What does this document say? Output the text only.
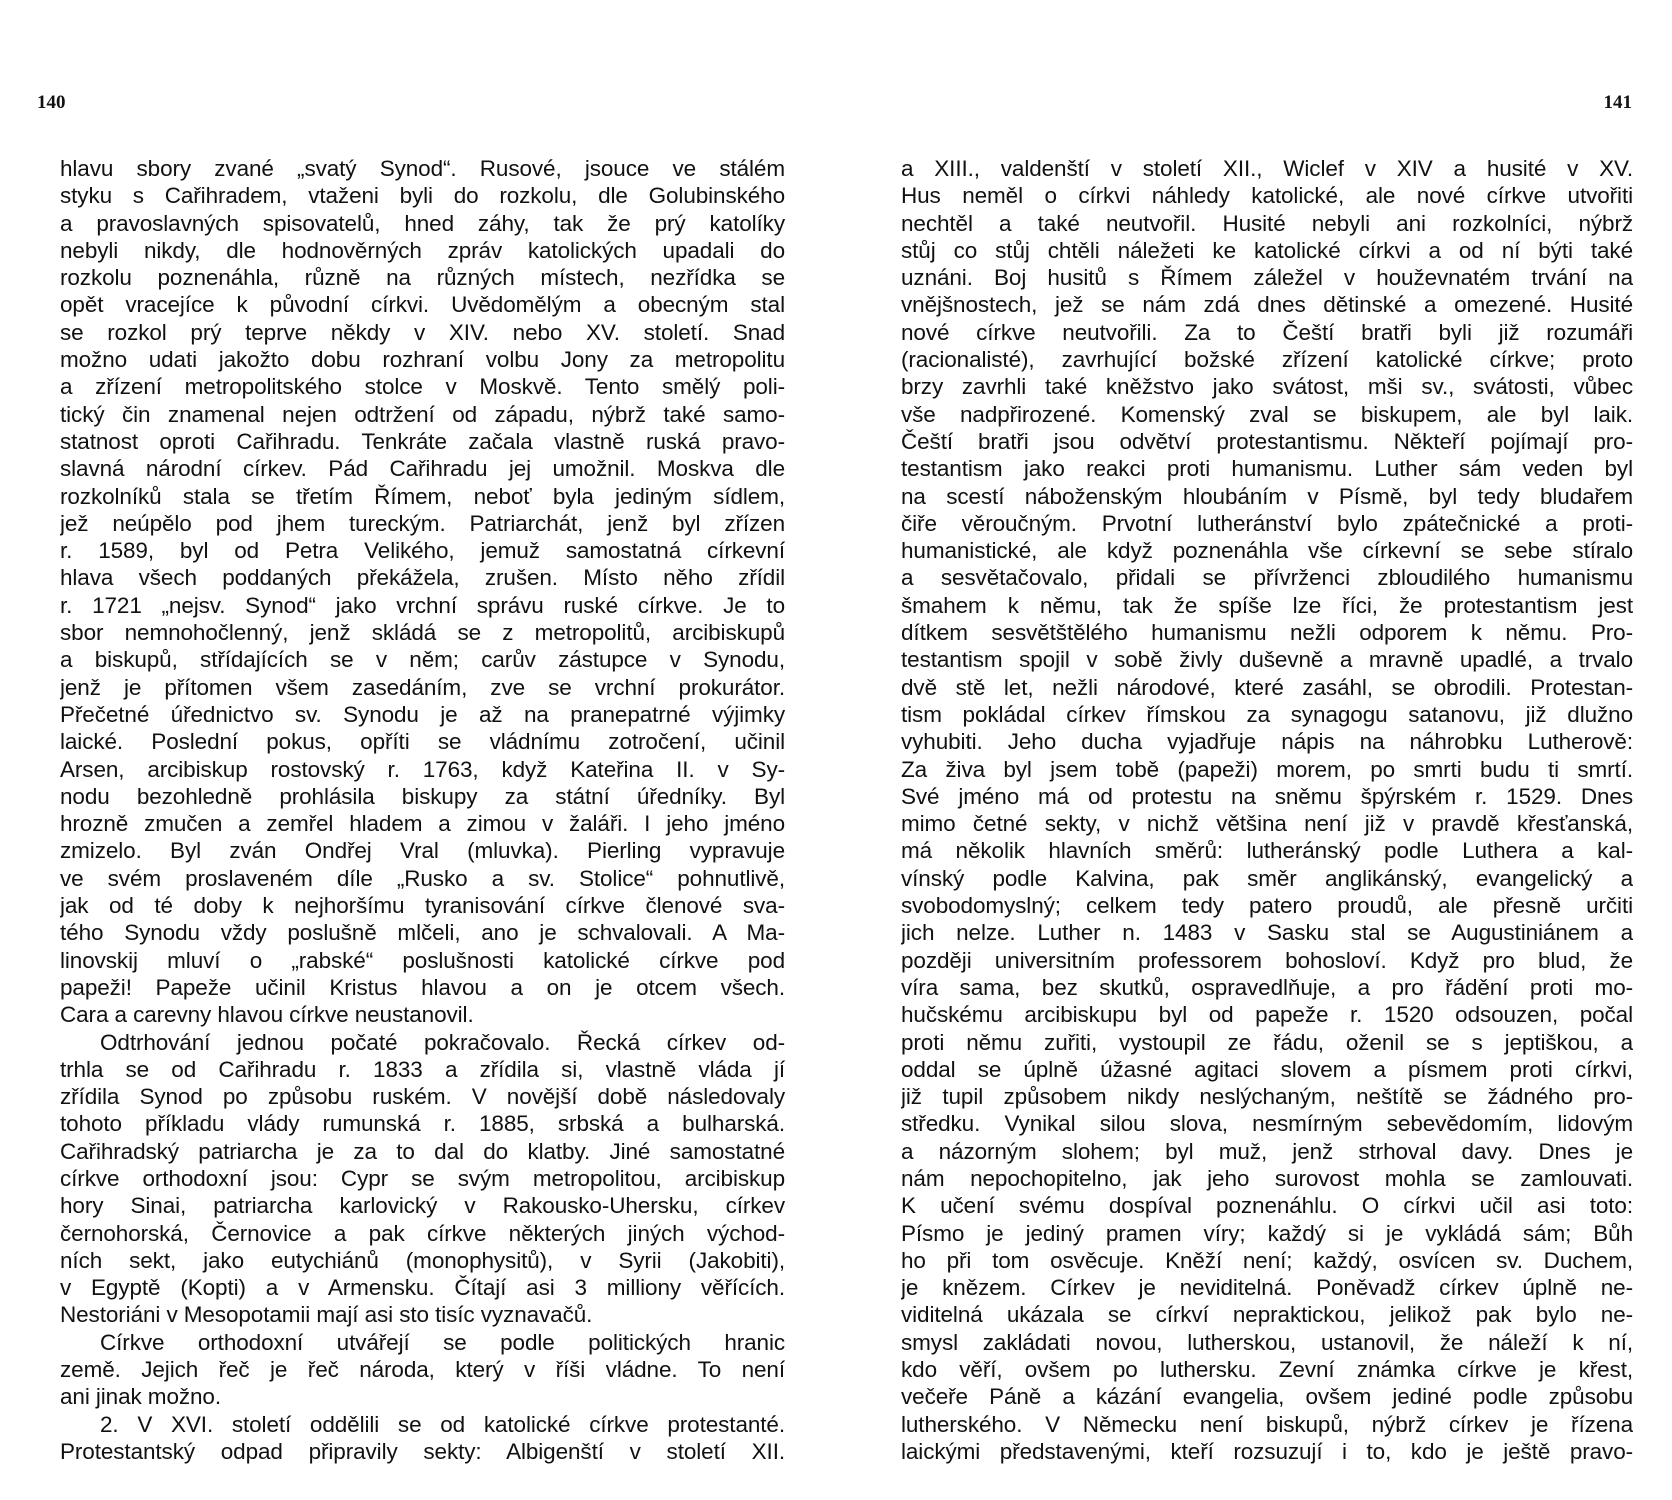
140
hlavu sbory zvané „svatý Synod“. Rusové, jsouce ve stálém
styku s Cařihradem, vtaženi byli do rozkolu, dle Golubinského
a pravoslavných spisovatelů, hned záhy, tak že prý katolíky
nebyli nikdy, dle hodnověrných zpráv katolických upadali do
rozkolu poznenáhla, různě na různých místech, nezřídka se
opět vracejíce k původní církvi. Uvědomělým a obecným stal
se rozkol prý teprve někdy v XIV. nebo XV. století. Snad
možno udati jakožto dobu rozhraní volbu Jony za metropolitu
a zřízení metropolitského stolce v Moskvě. Tento smělý poli-
tický čin znamenal nejen odtržení od západu, nýbrž také samo-
statnost oproti Cařihradu. Tenkráte začala vlastně ruská pravo-
slavná národní církev. Pád Cařihradu jej umožnil. Moskva dle
rozkolníků stala se třetím Římem, neboť byla jediným sídlem,
jež neúpělo pod jhem tureckým. Patriarchát, jenž byl zřízen
r. 1589, byl od Petra Velikého, jemuž samostatná církevní
hlava všech poddaných překážela, zrušen. Místo něho zřídil
r. 1721 „nejsv. Synod“ jako vrchní správu ruské církve. Je to
sbor nemnohočlenný, jenž skládá se z metropolitů, arcibiskupů
a biskupů, střídajících se v něm; carův zástupce v Synodu,
jenž je přítomen všem zasedáním, zve se vrchní prokurátor.
Přečetné úřednictvo sv. Synodu je až na pranepatrné výjimky
laické. Poslední pokus, opříti se vládnímu zotročení, učinil
Arsen, arcibiskup rostovský r. 1763, když Kateřina II. v Sy-
nodu bezohledně prohlásila biskupy za státní úředníky. Byl
hrozně zmučen a zemřel hladem a zimou v žaláři. I jeho jméno
zmizelo. Byl zván Ondřej Vral (mluvka). Pierling vypravuje
ve svém proslaveném díle „Rusko a sv. Stolice“ pohnutlivě,
jak od té doby k nejhoršímu tyranisování církve členové sva-
tého Synodu vždy poslušně mlčeli, ano je schvalovali. A Ma-
linovskij mluví o „rabské“ poslušnosti katolické církve pod
papeži! Papeže učinil Kristus hlavou a on je otcem všech.
Cara a carevny hlavou církve neustanovil.
Odtrhování jednou počaté pokračovalo. Řecká církev od-
trhla se od Cařihradu r. 1833 a zřídila si, vlastně vláda jí
zřídila Synod po způsobu ruském. V novější době následovaly
tohoto příkladu vlády rumunská r. 1885, srbská a bulharská.
Cařihradský patriarcha je za to dal do klatby. Jiné samostatné
církve orthodoxní jsou: Cypr se svým metropolitou, arcibiskup
hory Sinai, patriarcha karlovický v Rakousko-Uhersku, církev
černohorská, Černovice a pak církve některých jiných východ-
ních sekt, jako eutychiánů (monophysitů), v Syrii (Jakobiti),
v Egyptě (Kopti) a v Armensku. Čítají asi 3 milliony věřících.
Nestoriáni v Mesopotamii mají asi sto tisíc vyznavačů.
Církve orthodoxní utvářejí se podle politických hranic
země. Jejich řeč je řeč národa, který v říši vládne. To není
ani jinak možno.
2. V XVI. století oddělili se od katolické církve protestanté.
Protestantský odpad připravily sekty: Albigenští v století XII.
141
a XIII., valdenští v století XII., Wiclef v XIV a husité v XV.
Hus neměl o církvi náhledy katolické, ale nové církve utvořiti
nechtěl a také neutvořil. Husité nebyli ani rozkolníci, nýbrž
stůj co stůj chtěli náležeti ke katolické církvi a od ní býti také
uznáni. Boj husitů s Římem záležel v houževnatém trvání na
vnějšnostech, jež se nám zdá dnes dětinské a omezené. Husité
nové církve neutvořili. Za to Čeští bratři byli již rozumáři
(racionalisté), zavrhující božské zřízení katolické církve; proto
brzy zavrhli také kněžstvo jako svátost, mši sv., svátosti, vůbec
vše nadpřirozené. Komenský zval se biskupem, ale byl laik.
Čeští bratři jsou odvětví protestantismu. Někteří pojímají pro-
testantism jako reakci proti humanismu. Luther sám veden byl
na scestí náboženským hloubáním v Písmě, byl tedy bludařem
čiře věroučným. Prvotní lutheránství bylo zpátečnické a proti-
humanistické, ale když poznenáhla vše církevní se sebe stíralo
a sesvětačovalo, přidali se přívrženci zbloudilého humanismu
šmahem k němu, tak že spíše lze říci, že protestantism jest
dítkem sesvětštělého humanismu nežli odporem k němu. Pro-
testantism spojil v sobě živly duševně a mravně upadlé, a trvalo
dvě stě let, nežli národové, které zasáhl, se obrodili. Protestan-
tism pokládal církev římskou za synagogu satanovu, již dlužno
vyhubiti. Jeho ducha vyjadřuje nápis na náhrobku Lutherově:
Za živa byl jsem tobě (papeži) morem, po smrti budu ti smrtí.
Své jméno má od protestu na sněmu špýrském r. 1529. Dnes
mimo četné sekty, v nichž většina není již v pravdě křesťanská,
má několik hlavních směrů: lutheránský podle Luthera a kal-
vínský podle Kalvina, pak směr anglikánský, evangelický a
svobodomyslný; celkem tedy patero proudů, ale přesně určiti
jich nelze. Luther n. 1483 v Sasku stal se Augustiniánem a
později universitním professorem bohosloví. Když pro blud, že
víra sama, bez skutků, ospravedlňuje, a pro řádění proti mo-
hučskému arcibiskupu byl od papeže r. 1520 odsouzen, počal
proti němu zuřiti, vystoupil ze řádu, oženil se s jeptiškou, a
oddal se úplně úžasné agitaci slovem a písmem proti církvi,
již tupil způsobem nikdy neslýchaným, neštítě se žádného pro-
středku. Vynikal silou slova, nesmírným sebevědomím, lidovým
a názorným slohem; byl muž, jenž strhoval davy. Dnes je
nám nepochopitelno, jak jeho surovost mohla se zamlouvati.
K učení svému dospíval poznenáhlu. O církvi učil asi toto:
Písmo je jediný pramen víry; každý si je vykládá sám; Bůh
ho při tom osvěcuje. Kněží není; každý, osvícen sv. Duchem,
je knězem. Církev je neviditelná. Poněvadž církev úplně ne-
viditelná ukázala se církví nepraktickou, jelikož pak bylo ne-
smysl zakládati novou, lutherskou, ustanovil, že náleží k ní,
kdo věří, ovšem po luthersku. Zevní známka církve je křest,
večeře Páně a kázání evangelia, ovšem jediné podle způsobu
lutherského. V Německu není biskupů, nýbrž církev je řízena
laickými představenými, kteří rozsuzují i to, kdo je ještě pravo-
